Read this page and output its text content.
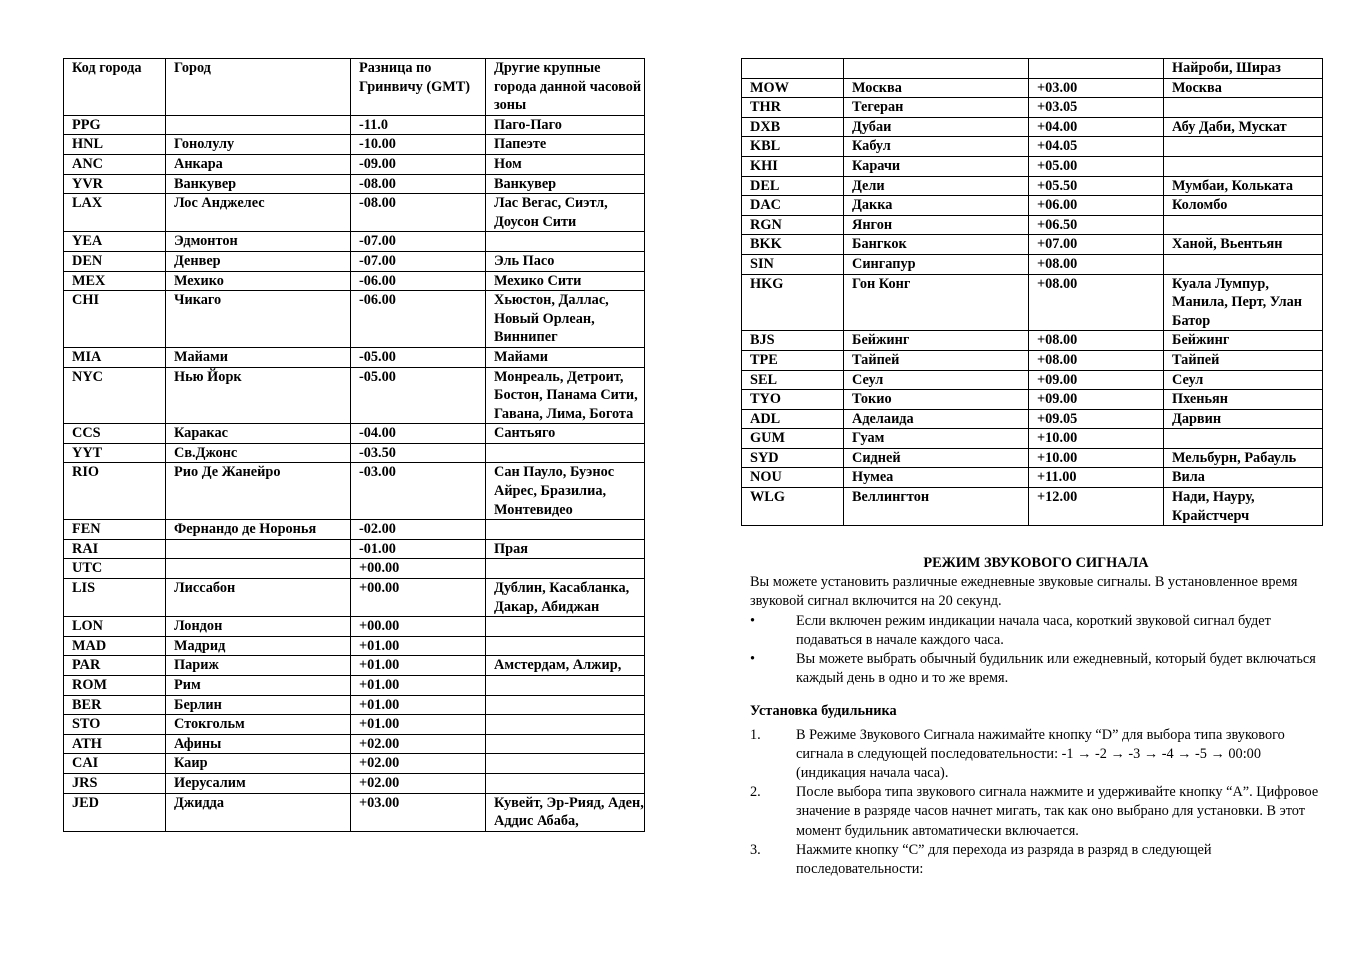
Код города	Город	Разница по Гринвичу (GMT)	Другие крупные города данной часовой зоны
PPG		-11.0	Паго-Паго
HNL	Гонолулу	-10.00	Папеэте
ANC	Анкара	-09.00	Ном
YVR	Ванкувер	-08.00	Ванкувер
LAX	Лос Анджелес	-08.00	Лас Вегас, Сиэтл, Доусон Сити
YEA	Эдмонтон	-07.00	
DEN	Денвер	-07.00	Эль Пасо
MEX	Мехико	-06.00	Мехико Сити
CHI	Чикаго	-06.00	Хьюстон, Даллас, Новый Орлеан, Виннипег
MIA	Майами	-05.00	Майами
NYC	Нью Йорк	-05.00	Монреаль, Детроит, Бостон, Панама Сити, Гавана, Лима, Богота
CCS	Каракас	-04.00	Сантьяго
YYT	Св.Джонс	-03.50	
RIO	Рио Де Жанейро	-03.00	Сан Пауло, Буэнос Айрес, Бразилиа, Монтевидео
FEN	Фернандо де Норонья	-02.00	
RAI		-01.00	Прая
UTC		+00.00	
LIS	Лиссабон	+00.00	Дублин, Касабланка, Дакар, Абиджан
LON	Лондон	+00.00	
MAD	Мадрид	+01.00	
PAR	Париж	+01.00	Амстердам, Алжир,
ROM	Рим	+01.00	
BER	Берлин	+01.00	
STO	Стокгольм	+01.00	
ATH	Афины	+02.00	
CAI	Каир	+02.00	
JRS	Иерусалим	+02.00	
JED	Джидда	+03.00	Кувейт, Эр-Рияд, Аден, Аддис Абаба,
			Найроби, Шираз
MOW	Москва	+03.00	Москва
THR	Тегеран	+03.05	
DXB	Дубаи	+04.00	Абу Даби, Мускат
KBL	Кабул	+04.05	
KHI	Карачи	+05.00	
DEL	Дели	+05.50	Мумбаи, Кольката
DAC	Дакка	+06.00	Коломбо
RGN	Янгон	+06.50	
BKK	Бангкок	+07.00	Ханой, Вьентьян
SIN	Сингапур	+08.00	
HKG	Гон Конг	+08.00	Куала Лумпур, Манила, Перт, Улан Батор
BJS	Бейжинг	+08.00	Бейжинг
TPE	Тайпей	+08.00	Тайпей
SEL	Сеул	+09.00	Сеул
TYO	Токио	+09.00	Пхеньян
ADL	Аделаида	+09.05	Дарвин
GUM	Гуам	+10.00	
SYD	Сидней	+10.00	Мельбурн, Рабауль
NOU	Нумеа	+11.00	Вила
WLG	Веллингтон	+12.00	Нади, Науру, Крайстчерч

РЕЖИМ ЗВУКОВОГО СИГНАЛА

Вы можете установить различные ежедневные звуковые сигналы. В установленное время звуковой сигнал включится на 20 секунд.

•	Если включен режим индикации начала часа, короткий звуковой сигнал будет подаваться в начале каждого часа.
•	Вы можете выбрать обычный будильник или ежедневный, который будет включаться каждый день в одно и то же время.

Установка будильника

1. В Режиме Звукового Сигнала нажимайте кнопку “D” для выбора типа звукового сигнала в следующей последовательности: -1 → -2 → -3 → -4 → -5 → 00:00 (индикация начала часа).
2. После выбора типа звукового сигнала нажмите и удерживайте кнопку “A”. Цифровое значение в разряде часов начнет мигать, так как оно выбрано для установки. В этот момент будильник автоматически включается.
3. Нажмите кнопку “C” для перехода из разряда в разряд в следующей последовательности:
